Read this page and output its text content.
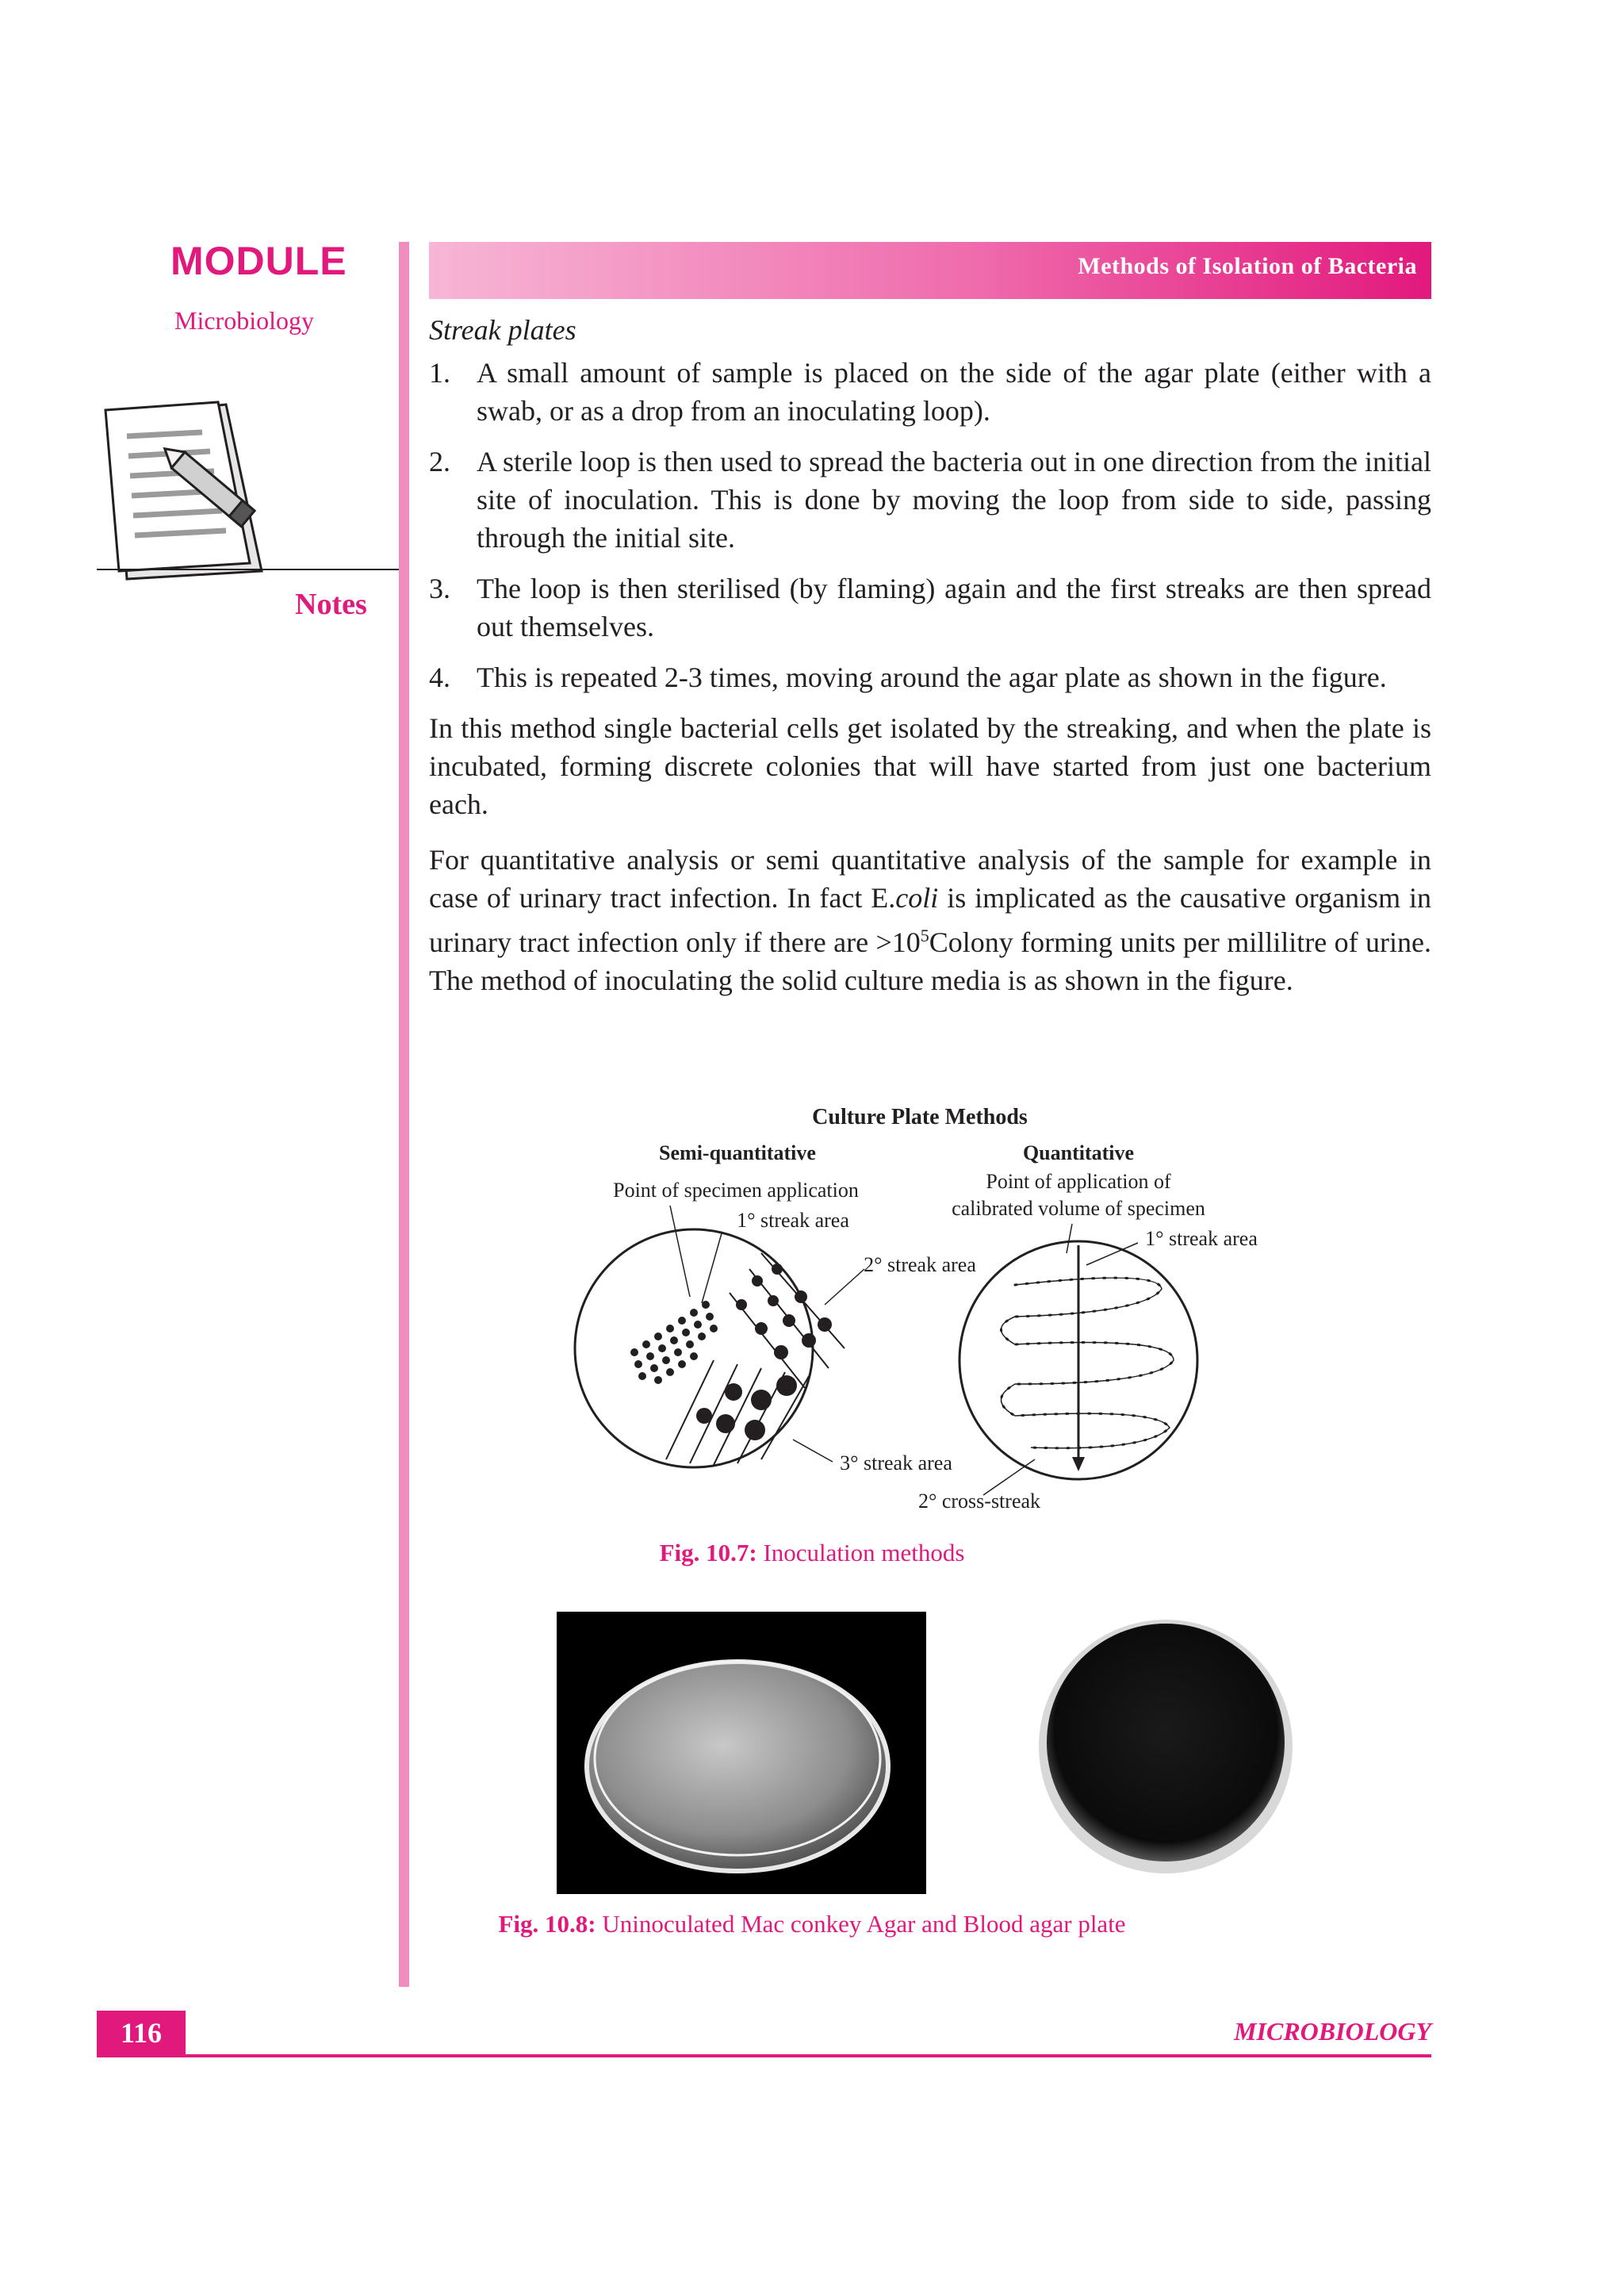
MODULE
Microbiology
Notes
Methods of Isolation of Bacteria
Streak plates
1. A small amount of sample is placed on the side of the agar plate (either with a swab, or as a drop from an inoculating loop).
2. A sterile loop is then used to spread the bacteria out in one direction from the initial site of inoculation. This is done by moving the loop from side to side, passing through the initial site.
3. The loop is then sterilised (by flaming) again and the first streaks are then spread out themselves.
4. This is repeated 2-3 times, moving around the agar plate as shown in the figure.

In this method single bacterial cells get isolated by the streaking, and when the plate is incubated, forming discrete colonies that will have started from just one bacterium each.

For quantitative analysis or semi quantitative analysis of the sample for example in case of urinary tract infection. In fact E.coli is implicated as the causative organism in urinary tract infection only if there are $>10^5Colony$ forming units per millilitre of urine. The method of inoculating the solid culture media is as shown in the figure.

Culture Plate Methods
Semi-quantitative	Quantitative
Point of specimen application
1° streak area
2° streak area
3° streak area
Point of application of
calibrated volume of specimen
1° streak area
2° cross-streak
Fig. 10.7: Inoculation methods
Fig. 10.8: Uninoculated Mac conkey Agar and Blood agar plate
116	MICROBIOLOGY
